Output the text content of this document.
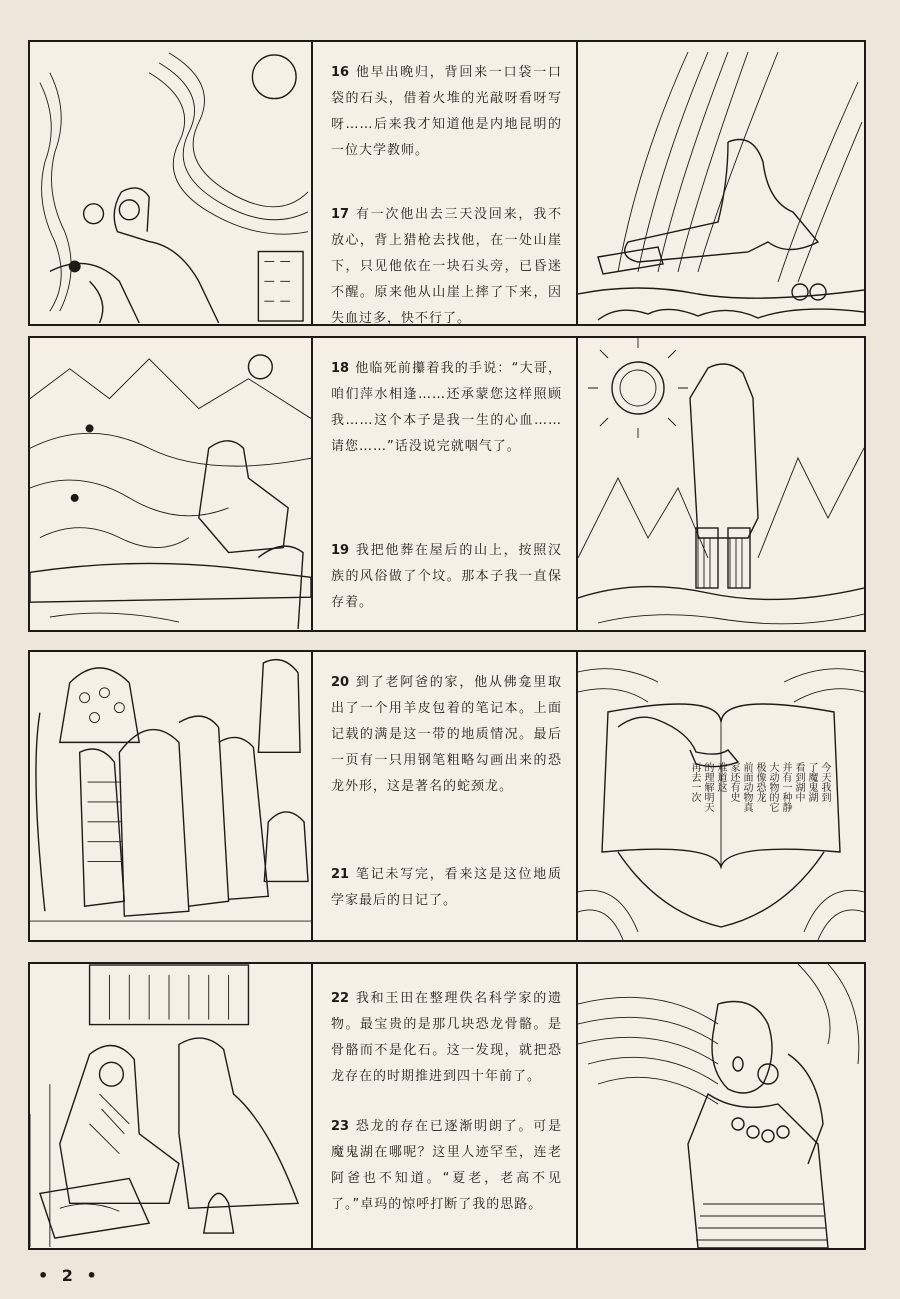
16 他早出晚归，背回来一口袋一口袋的石头，借着火堆的光敲呀看呀写呀……后来我才知道他是内地昆明的一位大学教师。

17 有一次他出去三天没回来，我不放心，背上猎枪去找他，在一处山崖下，只见他依在一块石头旁，已昏迷不醒。原来他从山崖上摔了下来，因失血过多，快不行了。

18 他临死前攥着我的手说：“大哥，咱们萍水相逢……还承蒙您这样照顾我……这个本子是我一生的心血……请您……”话没说完就咽气了。

19 我把他葬在屋后的山上，按照汉族的风俗做了个坟。那本子我一直保存着。

20 到了老阿爸的家，他从佛龛里取出了一个用羊皮包着的笔记本。上面记载的满是这一带的地质情况。最后一页有一只用钢笔粗略勾画出来的恐龙外形，这是著名的蛇颈龙。

21 笔记未写完，看来这是这位地质学家最后的日记了。

今天我到
了魔鬼湖
看到湖中
并有一种静
大动物的它
极像恐龙
前面动物真
家还有史
难道这
的理解明天
再去一次

22 我和王田在整理佚名科学家的遗物。最宝贵的是那几块恐龙骨骼。是骨骼而不是化石。这一发现，就把恐龙存在的时期推进到四十年前了。

23 恐龙的存在已逐渐明朗了。可是魔鬼湖在哪呢？这里人迹罕至，连老阿爸也不知道。“夏老，老高不见了。”卓玛的惊呼打断了我的思路。

• 2 •
